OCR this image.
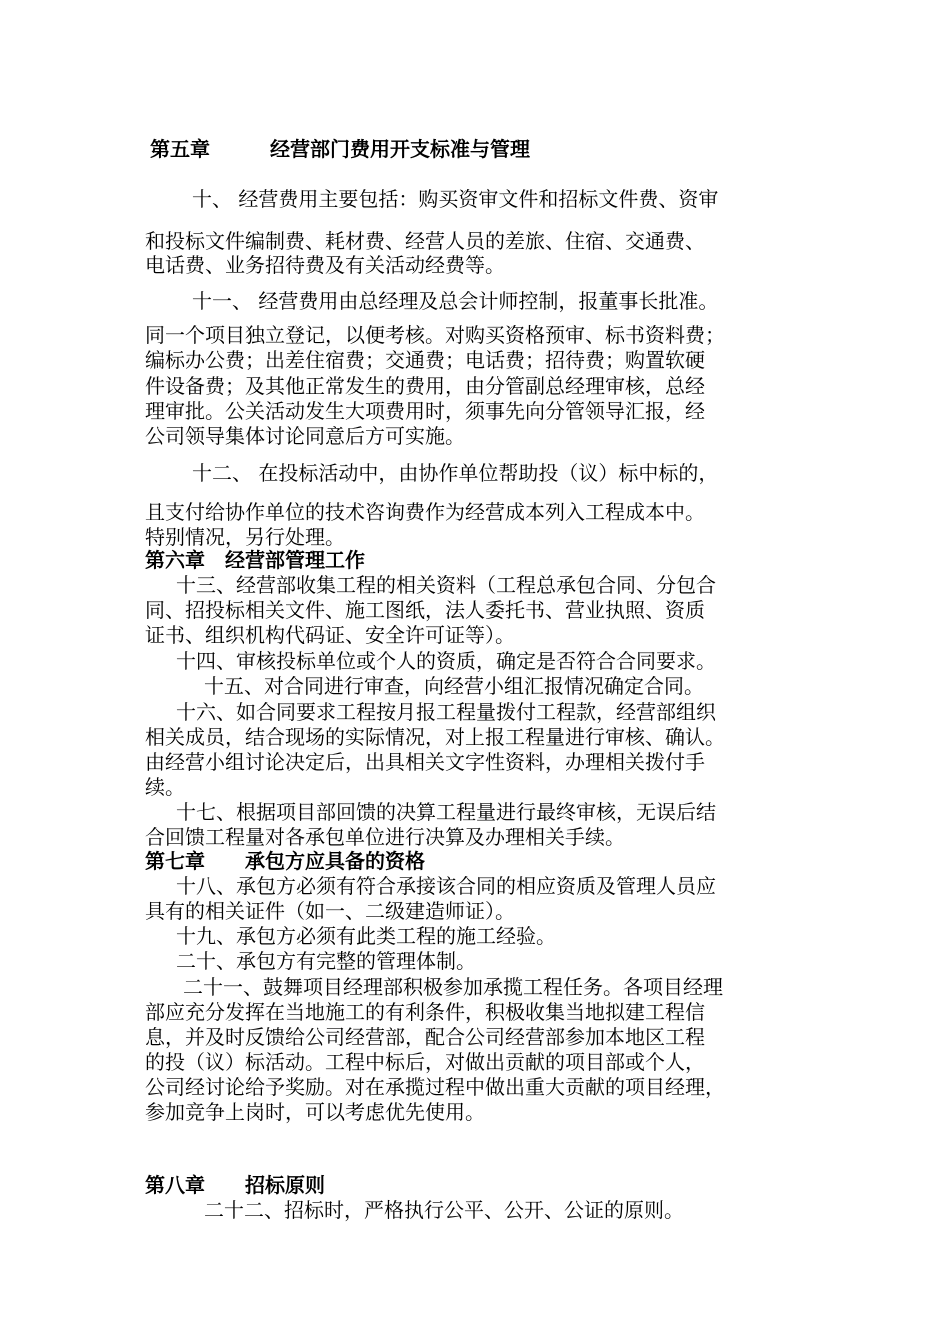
第五章　　　经营部门费用开支标准与管理
十、 经营费用主要包括：购买资审文件和招标文件费、资审
和投标文件编制费、耗材费、经营人员的差旅、住宿、交通费、
电话费、业务招待费及有关活动经费等。
十一、 经营费用由总经理及总会计师控制，报董事长批准。
同一个项目独立登记，以便考核。对购买资格预审、标书资料费；
编标办公费；出差住宿费；交通费；电话费；招待费；购置软硬
件设备费；及其他正常发生的费用，由分管副总经理审核，总经
理审批。公关活动发生大项费用时，须事先向分管领导汇报，经
公司领导集体讨论同意后方可实施。
十二、 在投标活动中，由协作单位帮助投（议）标中标的，
且支付给协作单位的技术咨询费作为经营成本列入工程成本中。
特别情况，另行处理。
第六章　经营部管理工作
十三、经营部收集工程的相关资料（工程总承包合同、分包合
同、招投标相关文件、施工图纸，法人委托书、营业执照、资质
证书、组织机构代码证、安全许可证等）。
十四、审核投标单位或个人的资质，确定是否符合合同要求。
十五、对合同进行审查，向经营小组汇报情况确定合同。
十六、如合同要求工程按月报工程量拨付工程款，经营部组织
相关成员，结合现场的实际情况，对上报工程量进行审核、确认。
由经营小组讨论决定后，出具相关文字性资料，办理相关拨付手
续。
十七、根据项目部回馈的决算工程量进行最终审核，无误后结
合回馈工程量对各承包单位进行决算及办理相关手续。
第七章　　承包方应具备的资格
十八、承包方必须有符合承接该合同的相应资质及管理人员应
具有的相关证件（如一、二级建造师证）。
十九、承包方必须有此类工程的施工经验。
二十、承包方有完整的管理体制。
二十一、鼓舞项目经理部积极参加承揽工程任务。各项目经理
部应充分发挥在当地施工的有利条件，积极收集当地拟建工程信
息，并及时反馈给公司经营部，配合公司经营部参加本地区工程
的投（议）标活动。工程中标后，对做出贡献的项目部或个人，
公司经讨论给予奖励。对在承揽过程中做出重大贡献的项目经理，
参加竞争上岗时，可以考虑优先使用。
第八章　　招标原则
二十二、招标时，严格执行公平、公开、公证的原则。
